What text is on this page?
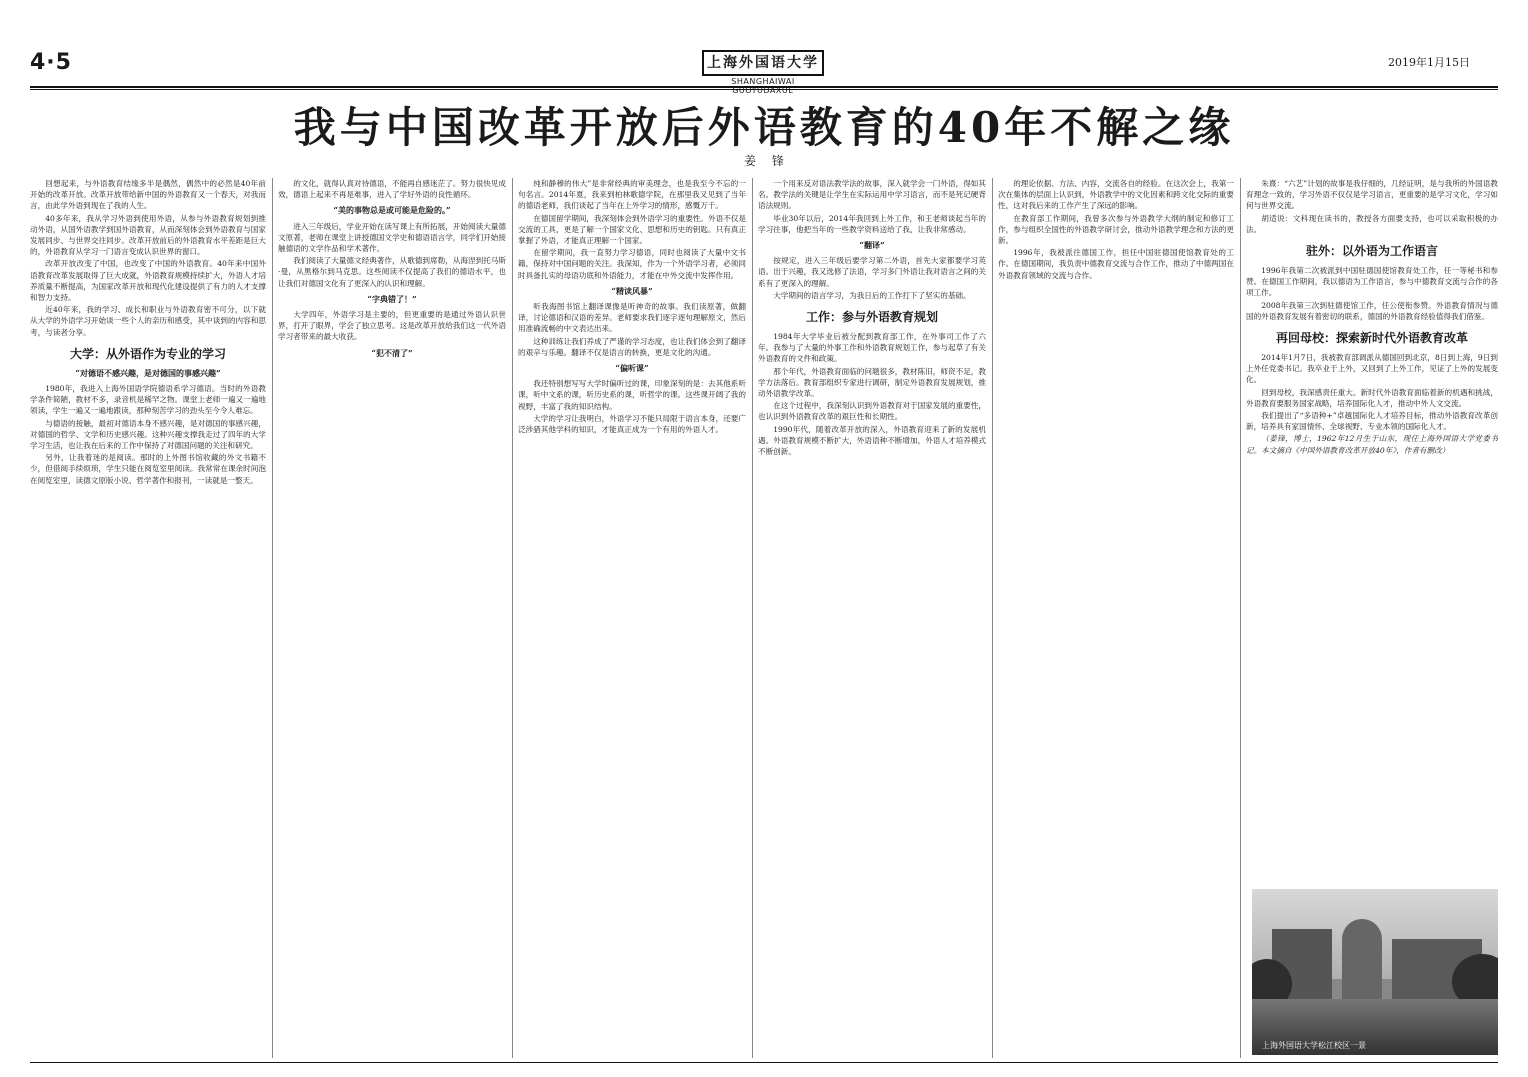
4·5	上海外国语大学
SHANGHAIWAI GUOYUDAXUE
2019年1月15日
我与中国改革开放后外语教育的40年不解之缘
姜 锋

回想起来，与外语教育结缘多半是偶然，偶然中的必然是40年前开始的改革开放。改革开放带给新中国的外语教育又一个春天，对我而言，由此学外语到现在了我的人生。

40多年来，我从学习外语到使用外语，从参与外语教育规划到推动外语，从国外语教学到国外语教育，从而深刻体会到外语教育与国家发展同步、与世界交往同步。改革开放前后的外语教育水平差距是巨大的，外语教育从学习一门语言变成认识世界的窗口。

改革开放改变了中国，也改变了中国的外语教育。40年来中国外语教育改革发展取得了巨大成就，外语教育规模持续扩大，外语人才培养质量不断提高，为国家改革开放和现代化建设提供了有力的人才支撑和智力支持。

近40年来，我的学习、成长和职业与外语教育密不可分，以下就从大学的外语学习开始谈一些个人的亲历和感受，其中谈到的内容和思考，与读者分享。

大学：从外语作为专业的学习
“对德语不感兴趣，是对德国的事感兴趣”

1980年，我进入上海外国语学院德语系学习德语。当时的外语教学条件简陋，教材不多，录音机是稀罕之物。课堂上老师一遍又一遍地领读，学生一遍又一遍地跟读，那种刻苦学习的劲头至今令人难忘。

与德语的接触，最初对德语本身不感兴趣，是对德国的事感兴趣，对德国的哲学、文学和历史感兴趣。这种兴趣支撑我走过了四年的大学学习生活，也让我在后来的工作中保持了对德国问题的关注和研究。

另外，让我着迷的是阅读。那时的上外图书馆收藏的外文书籍不少，但借阅手续烦琐，学生只能在阅览室里阅读。我常常在课余时间泡在阅览室里，读德文原版小说、哲学著作和报刊，一读就是一整天。

的文化，就得认真对待德语，不能再自感迷茫了。努力很快见成效，德语上起来不再是难事，进入了学好外语的良性循环。

“美的事物总是或可能是危险的。”

进入三年级后，学业开始在读写课上有所拓展，开始阅读大量德文原著，老师在课堂上讲授德国文学史和德语语言学，同学们开始接触德语的文学作品和学术著作。

我们阅读了大量德文经典著作，从歌德到席勒，从海涅到托马斯·曼，从黑格尔到马克思。这些阅读不仅提高了我们的德语水平，也让我们对德国文化有了更深入的认识和理解。

“字典错了！”

大学四年，外语学习是主要的，但更重要的是通过外语认识世界，打开了眼界，学会了独立思考。这是改革开放给我们这一代外语学习者带来的最大收获。

“犯不清了”

纯和静穆的伟大”是非常经典的审美理念，也是我至今不忘的一句名言。2014年夏，我来到柏林歌德学院，在那里我又见到了当年的德语老师，我们谈起了当年在上外学习的情形，感慨万千。

在德国留学期间，我深刻体会到外语学习的重要性。外语不仅是交流的工具，更是了解一个国家文化、思想和历史的钥匙。只有真正掌握了外语，才能真正理解一个国家。

在留学期间，我一直努力学习德语，同时也阅读了大量中文书籍，保持对中国问题的关注。我深知，作为一个外语学习者，必须同时具备扎实的母语功底和外语能力，才能在中外交流中发挥作用。

“精读风暴”

听我海图书馆上翻译课像是听神奇的故事。我们读原著，做翻译，讨论德语和汉语的差异。老师要求我们逐字逐句理解原文，然后用准确流畅的中文表达出来。

这种训练让我们养成了严谨的学习态度，也让我们体会到了翻译的艰辛与乐趣。翻译不仅是语言的转换，更是文化的沟通。

“偏听课”

我还特别想写写大学时偏听过的课，印象深刻的是：去其他系听课，听中文系的课，听历史系的课，听哲学的课。这些课开阔了我的视野，丰富了我的知识结构。

大学的学习让我明白，外语学习不能只局限于语言本身，还要广泛涉猎其他学科的知识，才能真正成为一个有用的外语人才。

一个用来反对语法教学法的故事，深入就学会一门外语，得如其名。教学法的关键是让学生在实际运用中学习语言，而不是死记硬背语法规则。

毕业30年以后，2014年我回到上外工作，和王老师谈起当年的学习往事，他把当年的一些教学资料送给了我，让我非常感动。

“翻译”

按规定，进入三年级后要学习第二外语，首先大家都要学习英语。出于兴趣，我又选修了法语，学习多门外语让我对语言之间的关系有了更深入的理解。

大学期间的语言学习，为我日后的工作打下了坚实的基础。

工作：参与外语教育规划

1984年大学毕业后被分配到教育部工作，在外事司工作了六年。我参与了大量的外事工作和外语教育规划工作，参与起草了有关外语教育的文件和政策。

那个年代，外语教育面临的问题很多，教材陈旧，师资不足，教学方法落后。教育部组织专家进行调研，制定外语教育发展规划，推动外语教学改革。

在这个过程中，我深刻认识到外语教育对于国家发展的重要性，也认识到外语教育改革的艰巨性和长期性。

1990年代，随着改革开放的深入，外语教育迎来了新的发展机遇。外语教育规模不断扩大，外语语种不断增加，外语人才培养模式不断创新。

的理论依据、方法、内容，交流各自的经验。在这次会上，我第一次在集体的层面上认识到，外语教学中的文化因素和跨文化交际的重要性，这对我后来的工作产生了深远的影响。

在教育部工作期间，我曾多次参与外语教学大纲的制定和修订工作，参与组织全国性的外语教学研讨会，推动外语教学理念和方法的更新。

1996年，我被派往德国工作，担任中国驻德国使馆教育处的工作。在德国期间，我负责中德教育交流与合作工作，推动了中德两国在外语教育领域的交流与合作。

朱熹：“六艺”计划的故事是我仔细的，几经证明，是与我所的外国语教育理念一致的，学习外语不仅仅是学习语言，更重要的是学习文化，学习如何与世界交流。

胡适说：文科现在读书的，教授各方面要支持，也可以采取积极的办法。

驻外：以外语为工作语言

1996年我第二次被派到中国驻德国使馆教育处工作，任一等秘书和参赞。在德国工作期间，我以德语为工作语言，参与中德教育交流与合作的各项工作。

2008年我第三次到驻德使馆工作，任公使衔参赞。外语教育情况与德国的外语教育发展有着密切的联系，德国的外语教育经验值得我们借鉴。

再回母校：探索新时代外语教育改革

2014年1月7日，我被教育部调派从德国回到北京，8日到上海，9日到上外任党委书记。我卒业于上外，又回到了上外工作，见证了上外的发展变化。

回到母校，我深感责任重大。新时代外语教育面临着新的机遇和挑战，外语教育要服务国家战略，培养国际化人才，推动中外人文交流。

我们提出了“多语种+”卓越国际化人才培养目标，推动外语教育改革创新，培养具有家国情怀、全球视野、专业本领的国际化人才。

（姜锋，博士，1962年12月生于山东，现任上海外国语大学党委书记。本文摘自《中国外语教育改革开放40年》，作者有删改）

上海外国语大学松江校区一景
